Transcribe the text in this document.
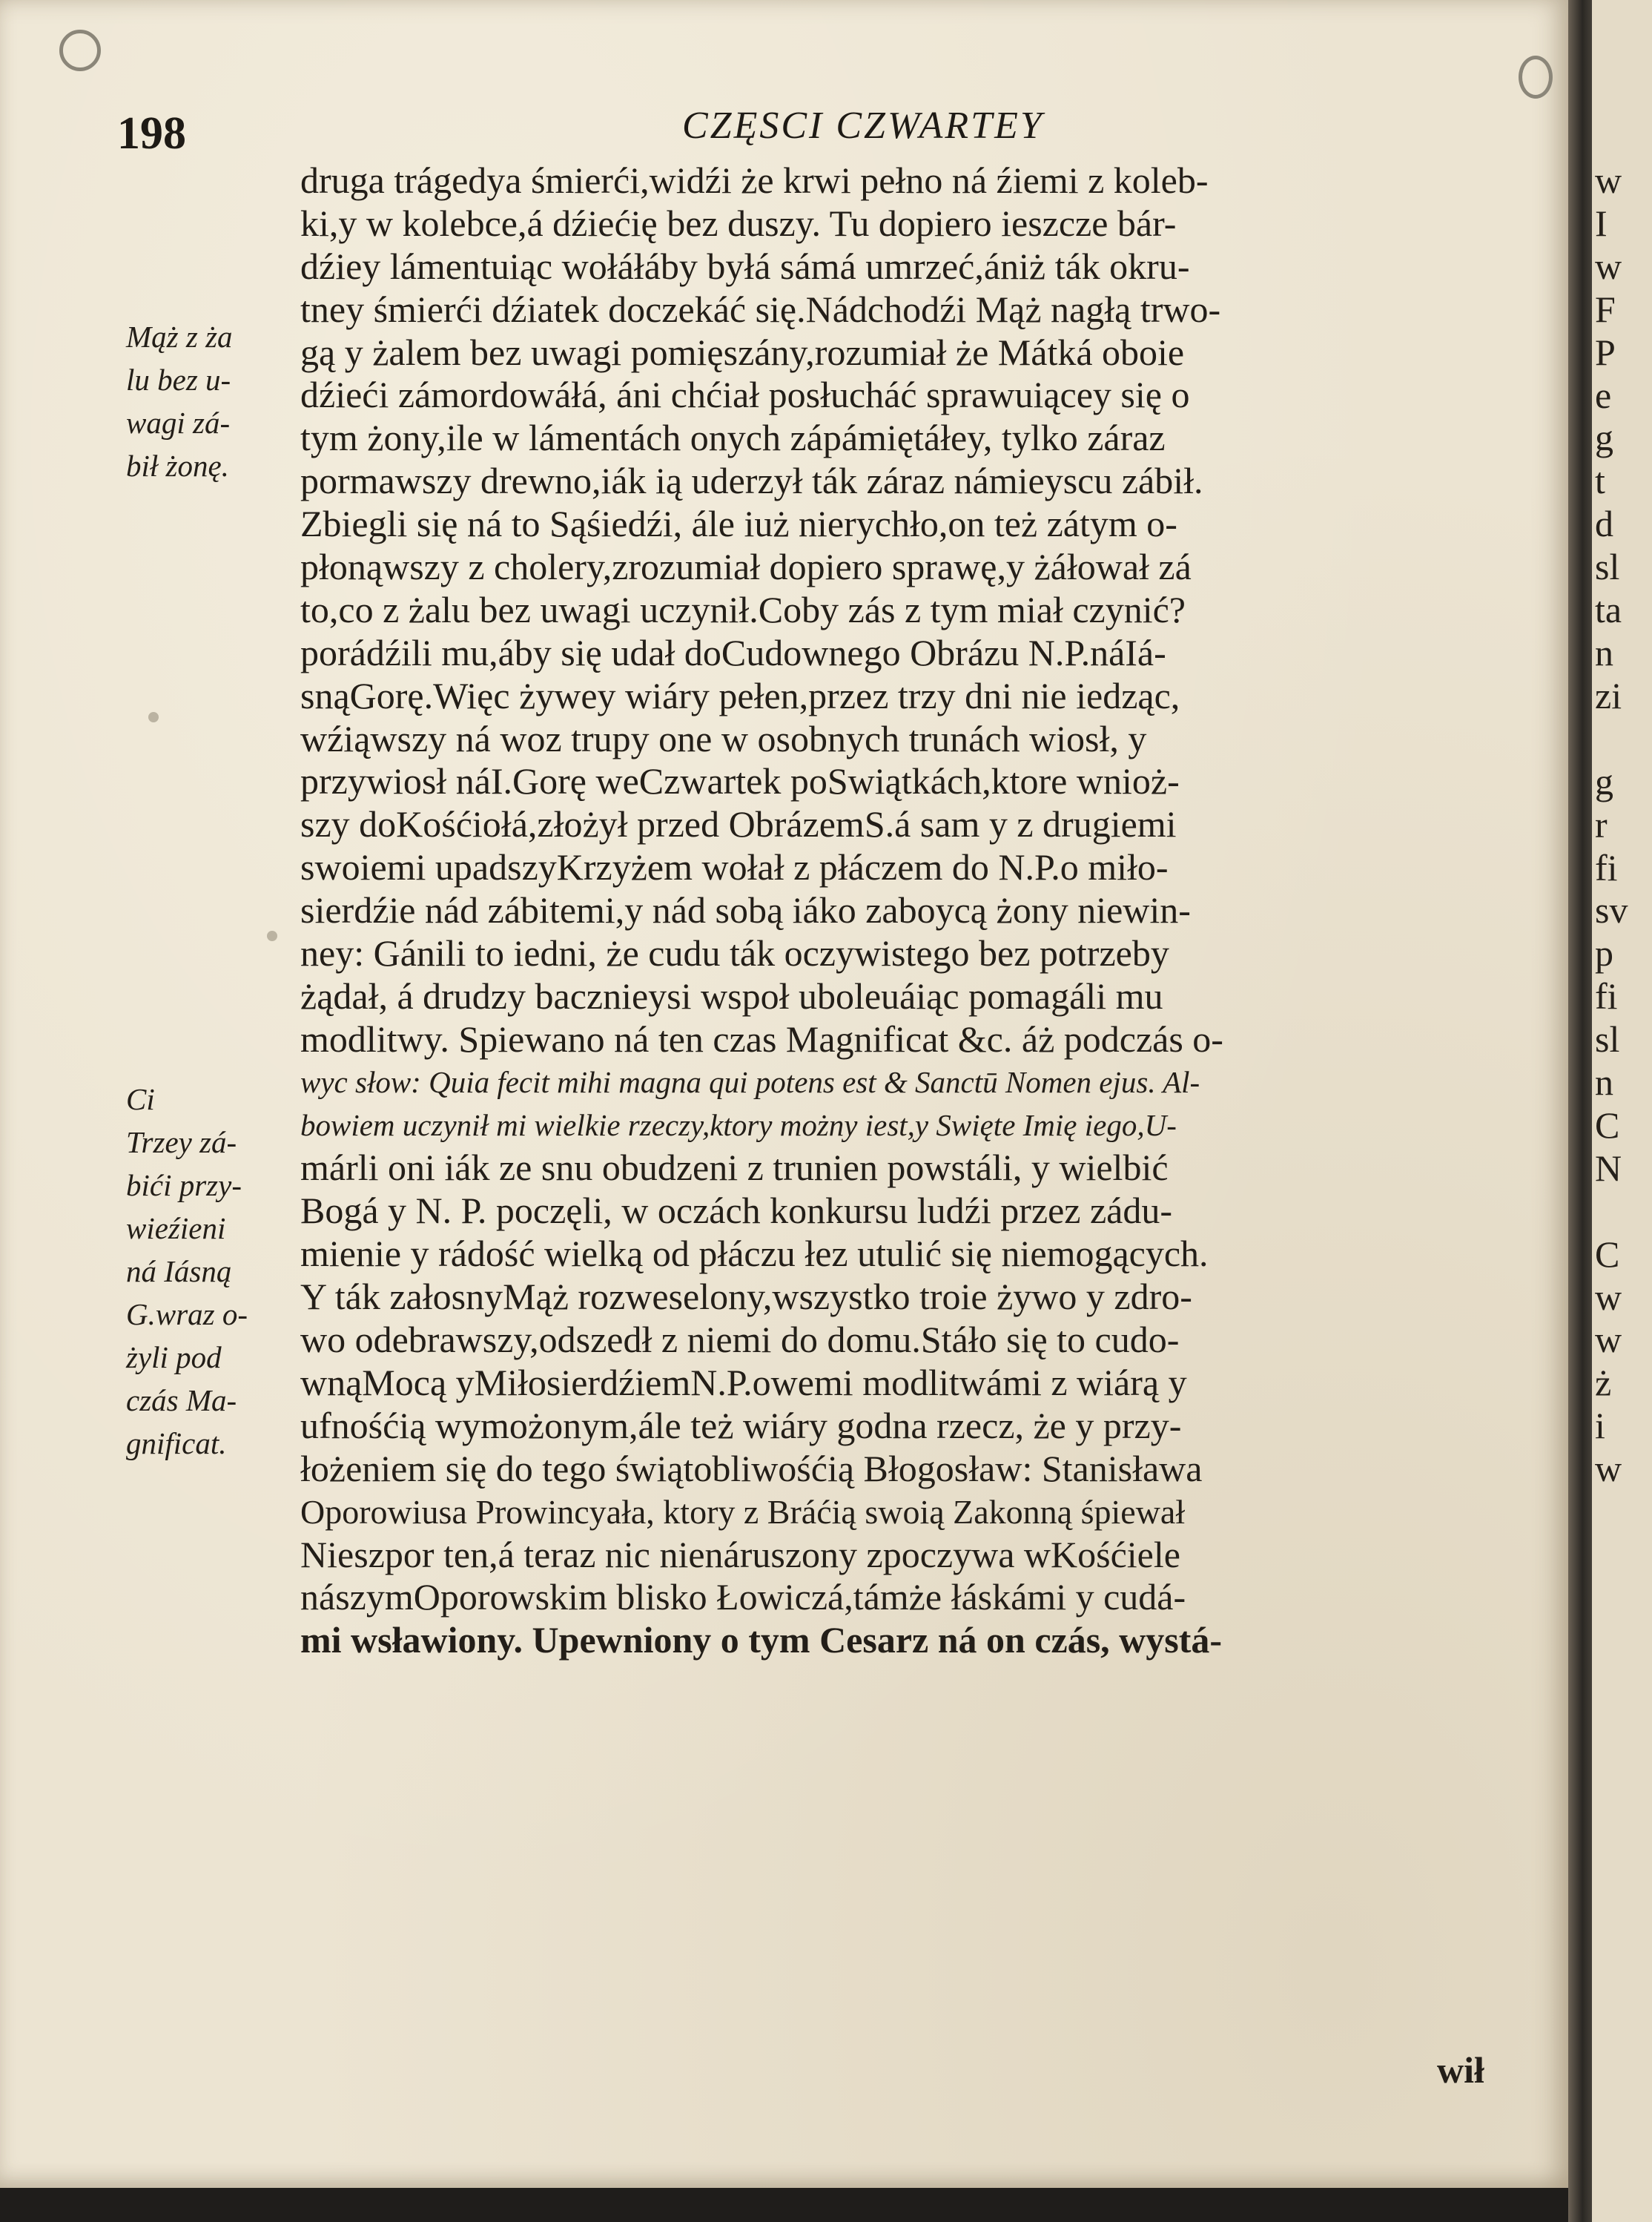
198	CZĘSCI CZWARTEY
Mąż z ża
lu bez u-
wagi zá-
bił żonę.
Ci
Trzey zá-
bići przy-
wieźieni
ná Iásną
G.wraz o-
żyli pod
czás Ma-
gnificat.
druga trágedya śmierći,widźi że krwi pełno ná źiemi z koleb-
ki,y w kolebce,á dźiećię bez duszy. Tu dopiero ieszcze bár-
dźiey lámentuiąc wołáłáby byłá sámá umrzeć,ániż ták okru-
tney śmierći dźiatek doczekáć się.Nádchodźi Mąż nagłą trwo-
gą y żalem bez uwagi pomięszány,rozumiał że Mátká oboie
dźieći zámordowáłá, áni chćiał posłucháć sprawuiącey się o
tym żony,ile w lámentách onych zápámiętáłey, tylko záraz
pormawszy drewno,iák ią uderzył ták záraz námieyscu zábił.
Zbiegli się ná to Sąśiedźi, ále iuż nierychło,on też zátym o-
płonąwszy z cholery,zrozumiał dopiero sprawę,y żáłował zá
to,co z żalu bez uwagi uczynił.Coby zás z tym miał czynić?
porádźili mu,áby się udał doCudownego Obrázu N.P.náIá-
snąGorę.Więc żywey wiáry pełen,przez trzy dni nie iedząc,
wźiąwszy ná woz trupy one w osobnych trunách wiosł, y
przywiosł náI.Gorę weCzwartek poSwiątkách,ktore wnioż-
szy doKośćiołá,złożył przed ObrázemS.á sam y z drugiemi
swoiemi upadszyKrzyżem wołał z płáczem do N.P.o miło-
sierdźie nád zábitemi,y nád sobą iáko zaboycą żony niewin-
ney: Gánili to iedni, że cudu ták oczywistego bez potrzeby
żądał, á drudzy bacznieysi wspoł uboleuáiąc pomagáli mu
modlitwy. Spiewano ná ten czas Magnificat &c. áż podczás o-
wyc słow: Quia fecit mihi magna qui potens est & Sanctū Nomen ejus. Al-
bowiem uczynił mi wielkie rzeczy,ktory możny iest,y Swięte Imię iego,U-
márli oni iák ze snu obudzeni z trunien powstáli, y wielbić
Bogá y N. P. poczęli, w oczách konkursu ludźi przez zádu-
mienie y rádość wielką od płáczu łez utulić się niemogących.
Y ták załosnyMąż rozweselony,wszystko troie żywo y zdro-
wo odebrawszy,odszedł z niemi do domu.Stáło się to cudo-
wnąMocą yMiłosierdźiemN.P.owemi modlitwámi z wiárą y
ufnośćią wymożonym,ále też wiáry godna rzecz, że y przy-
łożeniem się do tego świątobliwośćią Błogosław: Stanisława
Oporowiusa Prowincyała, ktory z Bráćią swoią Zakonną śpiewał
Nieszpor ten,á teraz nic nienáruszony zpoczywa wKośćiele
nászymOporowskim blisko Łowiczá,támże łáskámi y cudá-
mi wsławiony. Upewniony o tym Cesarz ná on czás, wystá-
wił
w
I
w
F
P
e
g
t
d
sl
ta
n
zi

g
r
fi
sv
p
fi
sl
n
C
N

C
w
w
ż
i
w
